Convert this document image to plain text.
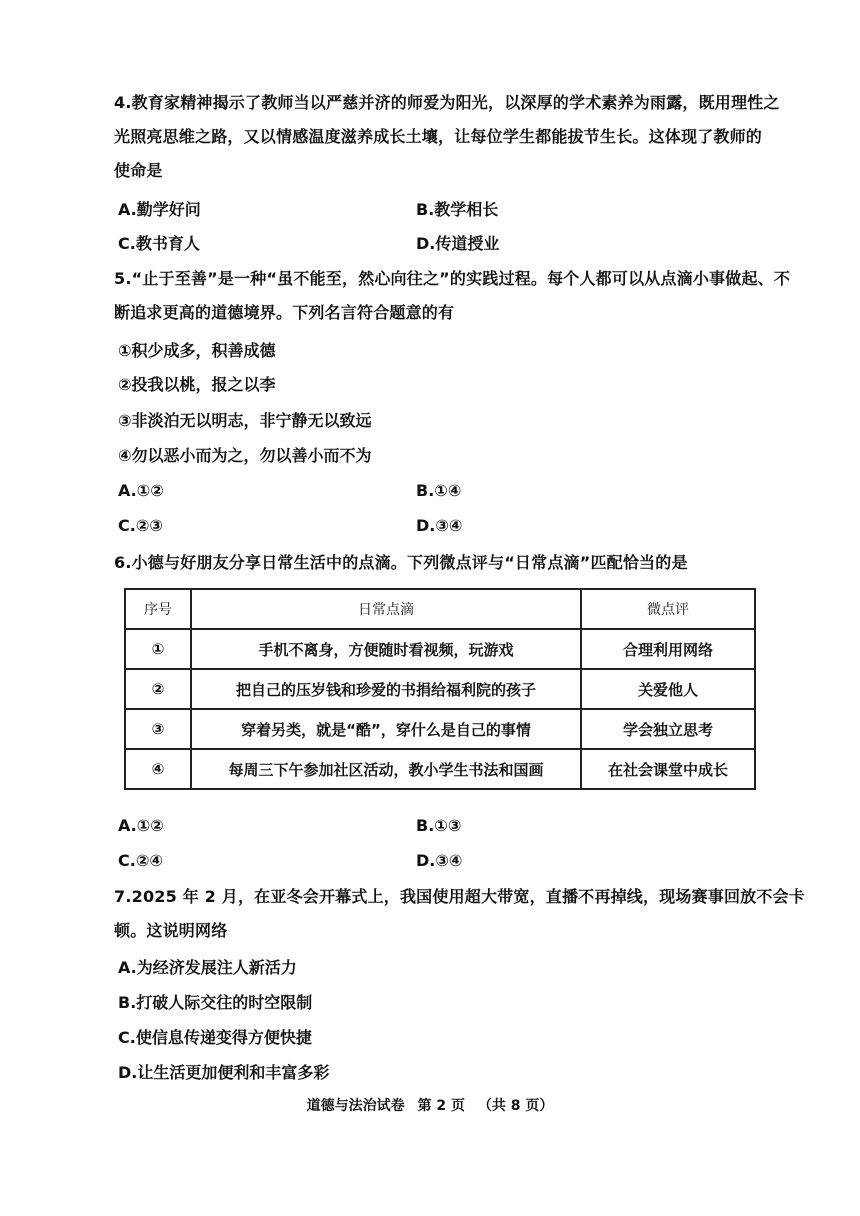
4.教育家精神揭示了教师当以严慈并济的师爱为阳光，以深厚的学术素养为雨露，既用理性之
光照亮思维之路，又以情感温度滋养成长土壤，让每位学生都能拔节生长。这体现了教师的
使命是
A.勤学好问	B.教学相长
C.教书育人	D.传道授业
5.“止于至善”是一种“虽不能至，然心向往之”的实践过程。每个人都可以从点滴小事做起、不
断追求更高的道德境界。下列名言符合题意的有
①积少成多，积善成德
②投我以桃，报之以李
③非淡泊无以明志，非宁静无以致远
④勿以恶小而为之，勿以善小而不为
A.①②	B.①④
C.②③	D.③④
6.小德与好朋友分享日常生活中的点滴。下列微点评与“日常点滴”匹配恰当的是
序号	日常点滴	微点评
①	手机不离身，方便随时看视频，玩游戏	合理利用网络
②	把自己的压岁钱和珍爱的书捐给福利院的孩子	关爱他人
③	穿着另类，就是“酷”，穿什么是自己的事情	学会独立思考
④	每周三下午参加社区活动，教小学生书法和国画	在社会课堂中成长
A.①②	B.①③
C.②④	D.③④
7.2025 年 2 月，在亚冬会开幕式上，我国使用超大带宽，直播不再掉线，现场赛事回放不会卡
顿。这说明网络
A.为经济发展注人新活力
B.打破人际交往的时空限制
C.使信息传递变得方便快捷
D.让生活更加便利和丰富多彩
道德与法治试卷 第 2 页 （共 8 页）
